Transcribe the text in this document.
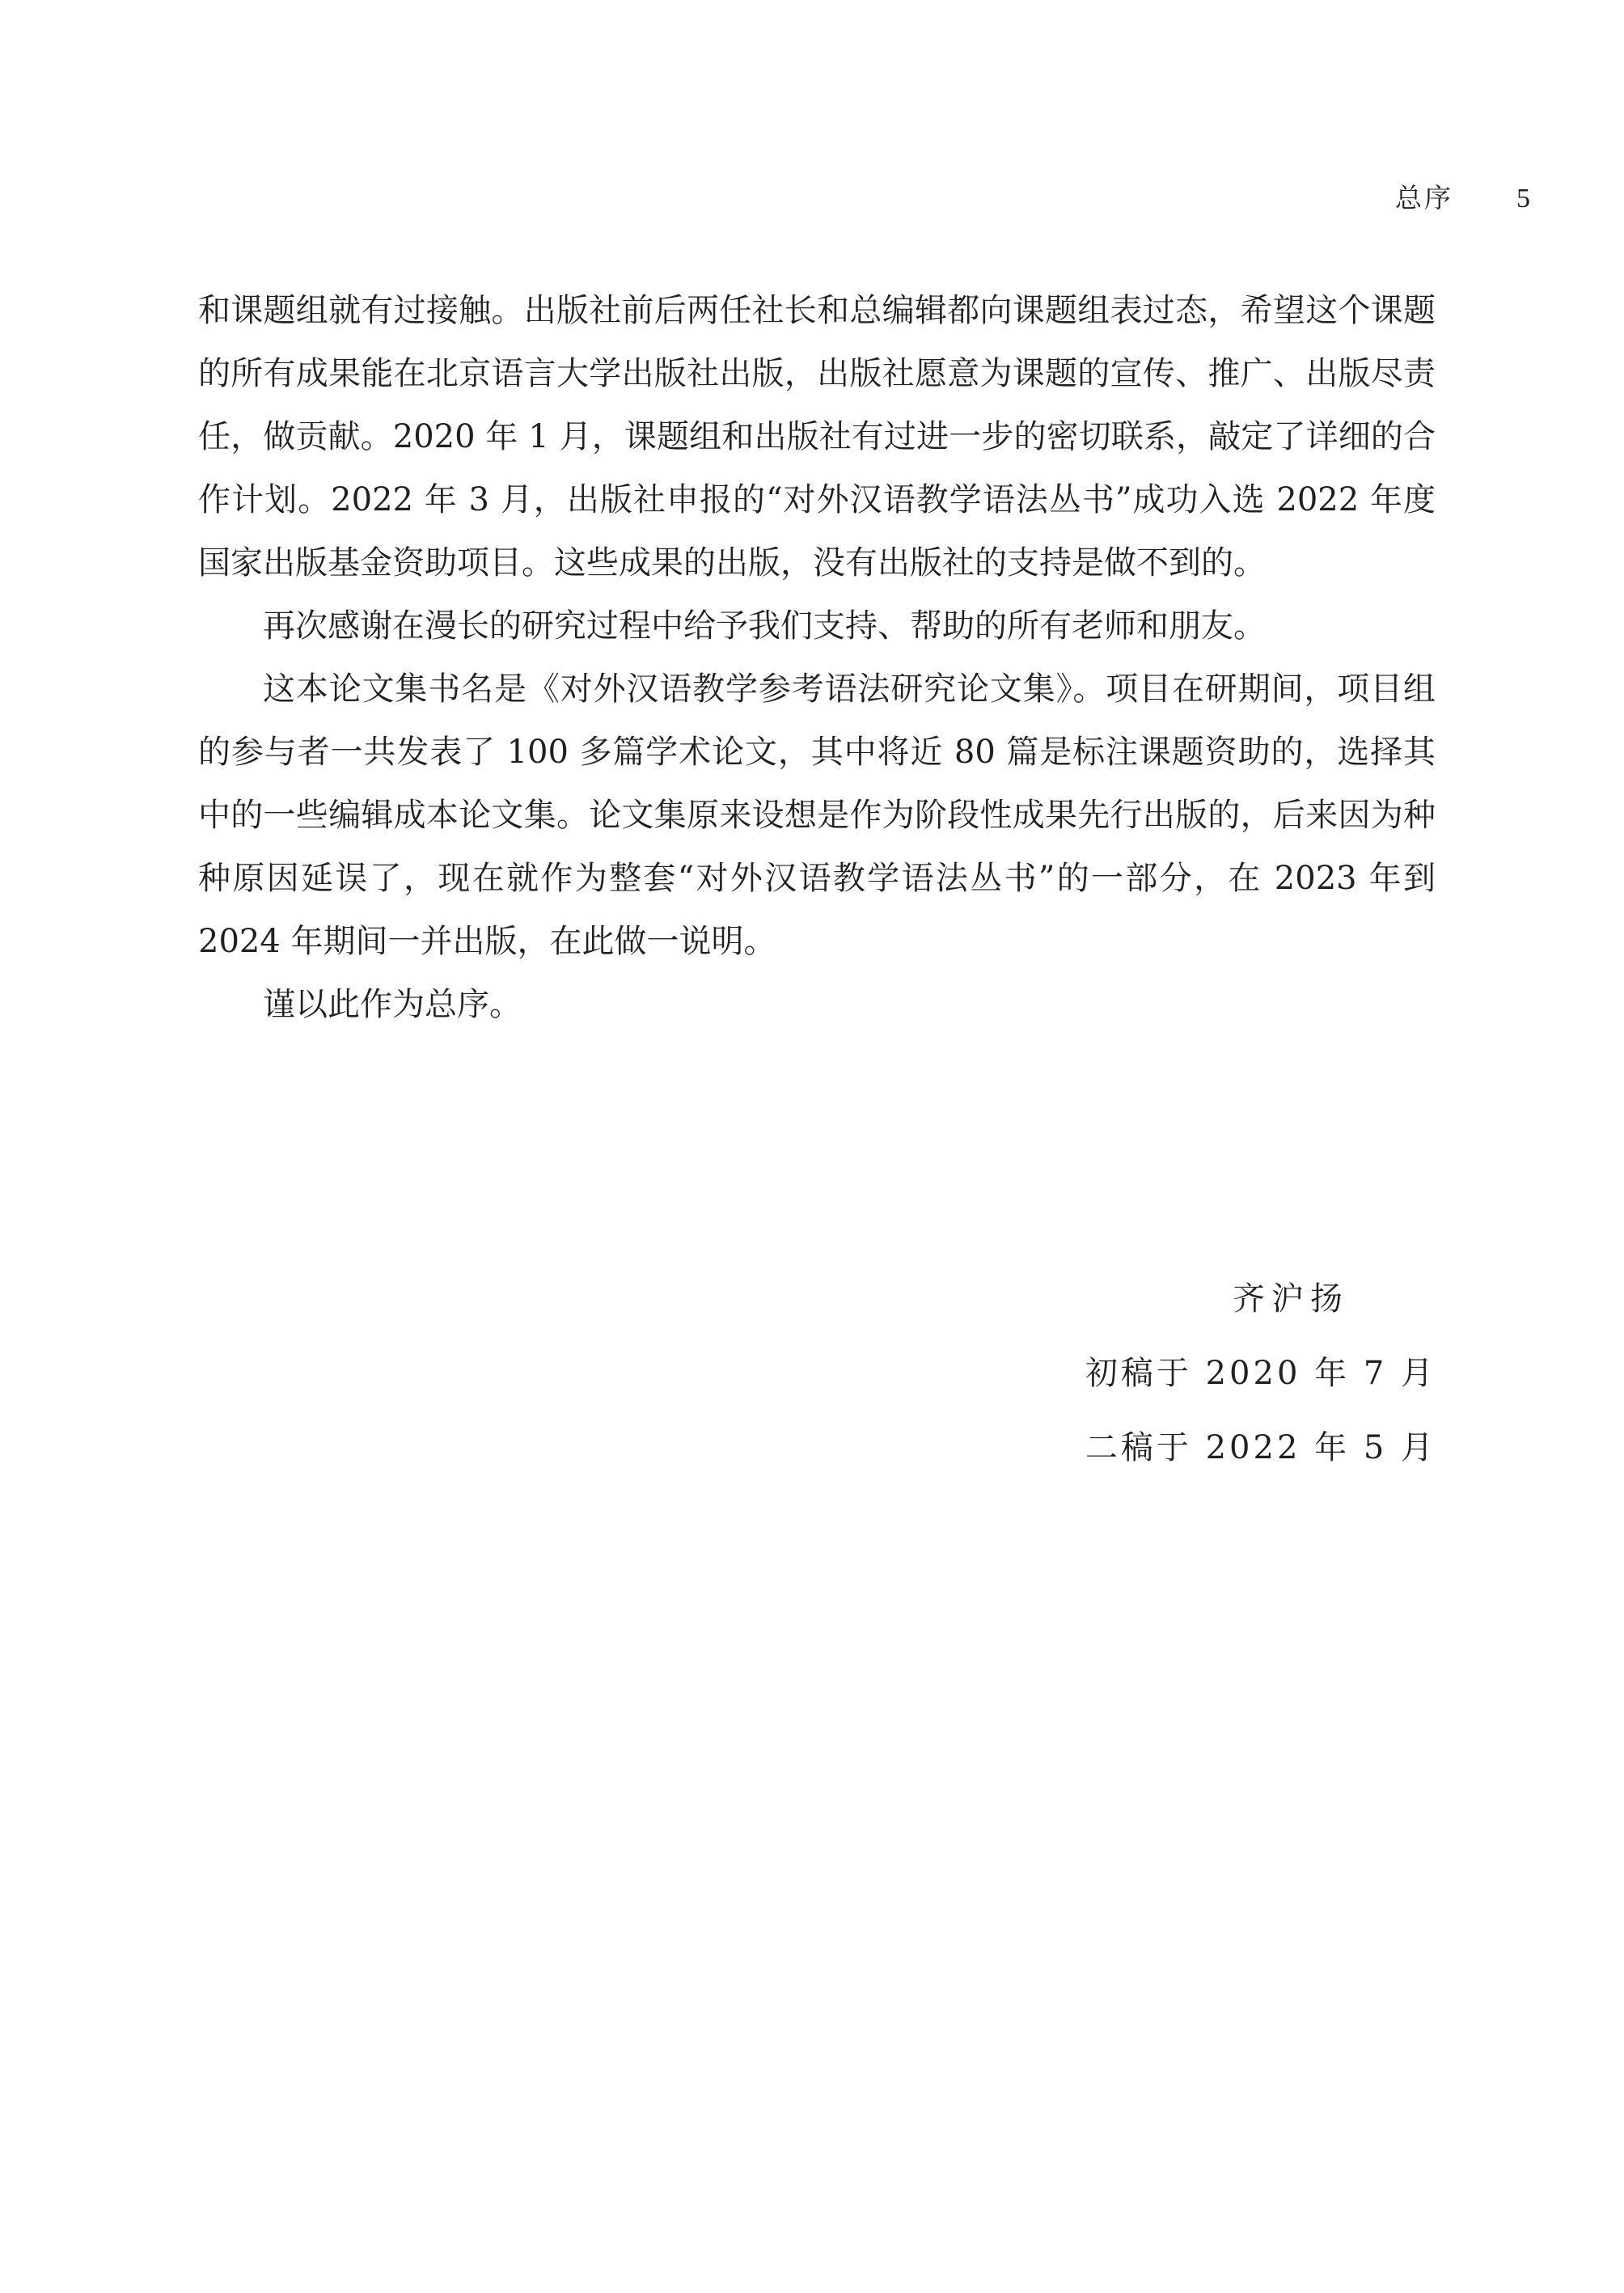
总序 5

和课题组就有过接触。出版社前后两任社长和总编辑都向课题组表过态，希望这个课题的所有成果能在北京语言大学出版社出版，出版社愿意为课题的宣传、推广、出版尽责任，做贡献。2020 年 1 月，课题组和出版社有过进一步的密切联系，敲定了详细的合作计划。2022 年 3 月，出版社申报的“对外汉语教学语法丛书”成功入选 2022 年度国家出版基金资助项目。这些成果的出版，没有出版社的支持是做不到的。

再次感谢在漫长的研究过程中给予我们支持、帮助的所有老师和朋友。

这本论文集书名是《对外汉语教学参考语法研究论文集》。项目在研期间，项目组的参与者一共发表了 100 多篇学术论文，其中将近 80 篇是标注课题资助的，选择其中的一些编辑成本论文集。论文集原来设想是作为阶段性成果先行出版的，后来因为种种原因延误了，现在就作为整套“对外汉语教学语法丛书”的一部分，在 2023 年到 2024 年期间一并出版，在此做一说明。

谨以此作为总序。

齐沪扬
初稿于 2020 年 7 月
二稿于 2022 年 5 月
